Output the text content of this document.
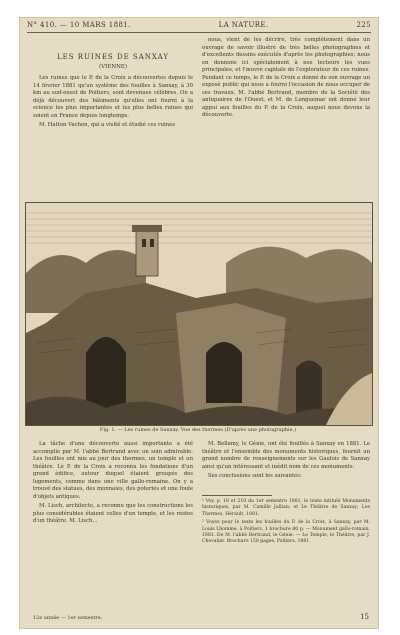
N° 410. — 10 MARS 1881.	LA NATURE.	225
LES RUINES DE SANXAY
(VIENNE)

Les ruines que le P. de la Croix a découvertes depuis le 14 février 1881 qu'un système des fouilles à Sanxay, à 30 km au sud-ouest de Poitiers, sont devenues célèbres. On a déjà découvert des bâtiments qu'elles ont fourni à la science les plus importantes et les plus belles ruines qui soient en France depuis longtemps.

M. Hatton Vachon, qui a visité et étudié ces ruines

nous, vient de les décrire, très complètement dans un ouvrage de savoir illustré de très belles photographies et d'excellents dessins exécutés d'après les photographies; nous en donnons ici spécialement à nos lecteurs les vues principales, et l'œuvre capitale de l'explorateur de ces ruines. Pendant ce temps, le P. de la Croix a donné de son ouvrage un exposé public qui nous a fourni l'occasion de nous occuper de ses travaux. M. l'abbé Bertrand, membre de la Société des antiquaires de l'Ouest, et M. de Longuemar ont donné leur appui aux fouilles du P. de la Croix, auquel nous devons la découverte.

Fig. 1. — Les ruines de Sanxay. Vue des thermes (D'après une photographie.)

La tâche d'une découverte aussi importante a été accomplie par M. l'abbé Bertrand avec un soin admirable. Les fouilles ont mis au jour des thermes, un temple et un théâtre. Le P. de la Croix a reconnu les fondations d'un grand édifice, autour duquel étaient groupés des logements, comme dans une ville gallo-romaine. On y a trouvé des statues, des monnaies, des poteries et une foule d'objets antiques.

M. Lisch, architecte, a reconnu que les constructions les plus considérables étaient celles d'un temple, et les restes d'un théâtre. M. Lisch...

M. Bellamy, le Génie, ont été fouillés à Sanxay en 1881. Le théâtre et l'ensemble des monuments historiques, fournit un grand nombre de renseignements sur les Gaulois de Sanxay ainsi qu'un intéressant et inédit nom de ces monuments.

Ses conclusions sont les suivantes:

¹ Voy. p. 18 et 210 du 1er semestre 1881, le texte intitulé Monuments historiques, par M. Camille Jullian; et Le Théâtre de Sanxay; Les Thermes, Hérault, 1881.

² Voyez pour le texte les fouilles du P. de la Croix, à Sanxay, par M. Louis Lhomme, à Poitiers, 1 brochure 80 p. — Monument gallo-romain, 1881. De M. l'abbé Bertrand, le Génie. — Le Temple, le Théâtre, par J. Chevalier. Brochure 150 pages, Poitiers, 1881.

12e année — 1er semestre.	15
